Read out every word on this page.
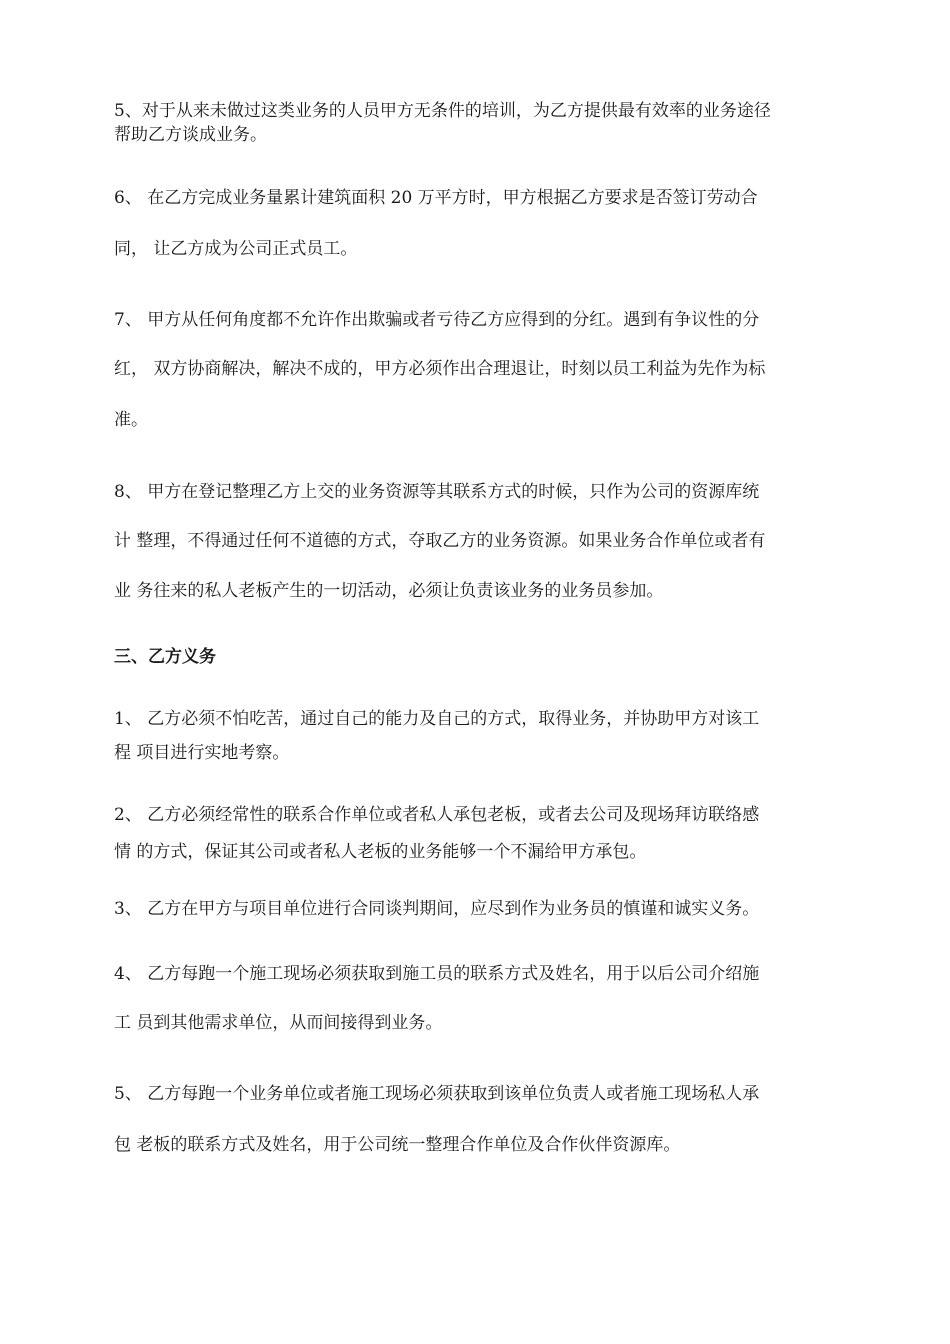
5、对于从来未做过这类业务的人员甲方无条件的培训，为乙方提供最有效率的业务途径

帮助乙方谈成业务。

6、 在乙方完成业务量累计建筑面积 20 万平方时，甲方根据乙方要求是否签订劳动合

同， 让乙方成为公司正式员工。

7、 甲方从任何角度都不允许作出欺骗或者亏待乙方应得到的分红。遇到有争议性的分

红， 双方协商解决，解决不成的，甲方必须作出合理退让，时刻以员工利益为先作为标

准。

8、 甲方在登记整理乙方上交的业务资源等其联系方式的时候，只作为公司的资源库统

计 整理，不得通过任何不道德的方式，夺取乙方的业务资源。如果业务合作单位或者有

业 务往来的私人老板产生的一切活动，必须让负责该业务的业务员参加。

三、乙方义务

1、 乙方必须不怕吃苦，通过自己的能力及自己的方式，取得业务，并协助甲方对该工

程 项目进行实地考察。

2、 乙方必须经常性的联系合作单位或者私人承包老板，或者去公司及现场拜访联络感

情 的方式，保证其公司或者私人老板的业务能够一个不漏给甲方承包。

3、 乙方在甲方与项目单位进行合同谈判期间，应尽到作为业务员的慎谨和诚实义务。

4、 乙方每跑一个施工现场必须获取到施工员的联系方式及姓名，用于以后公司介绍施

工 员到其他需求单位，从而间接得到业务。

5、 乙方每跑一个业务单位或者施工现场必须获取到该单位负责人或者施工现场私人承

包 老板的联系方式及姓名，用于公司统一整理合作单位及合作伙伴资源库。
